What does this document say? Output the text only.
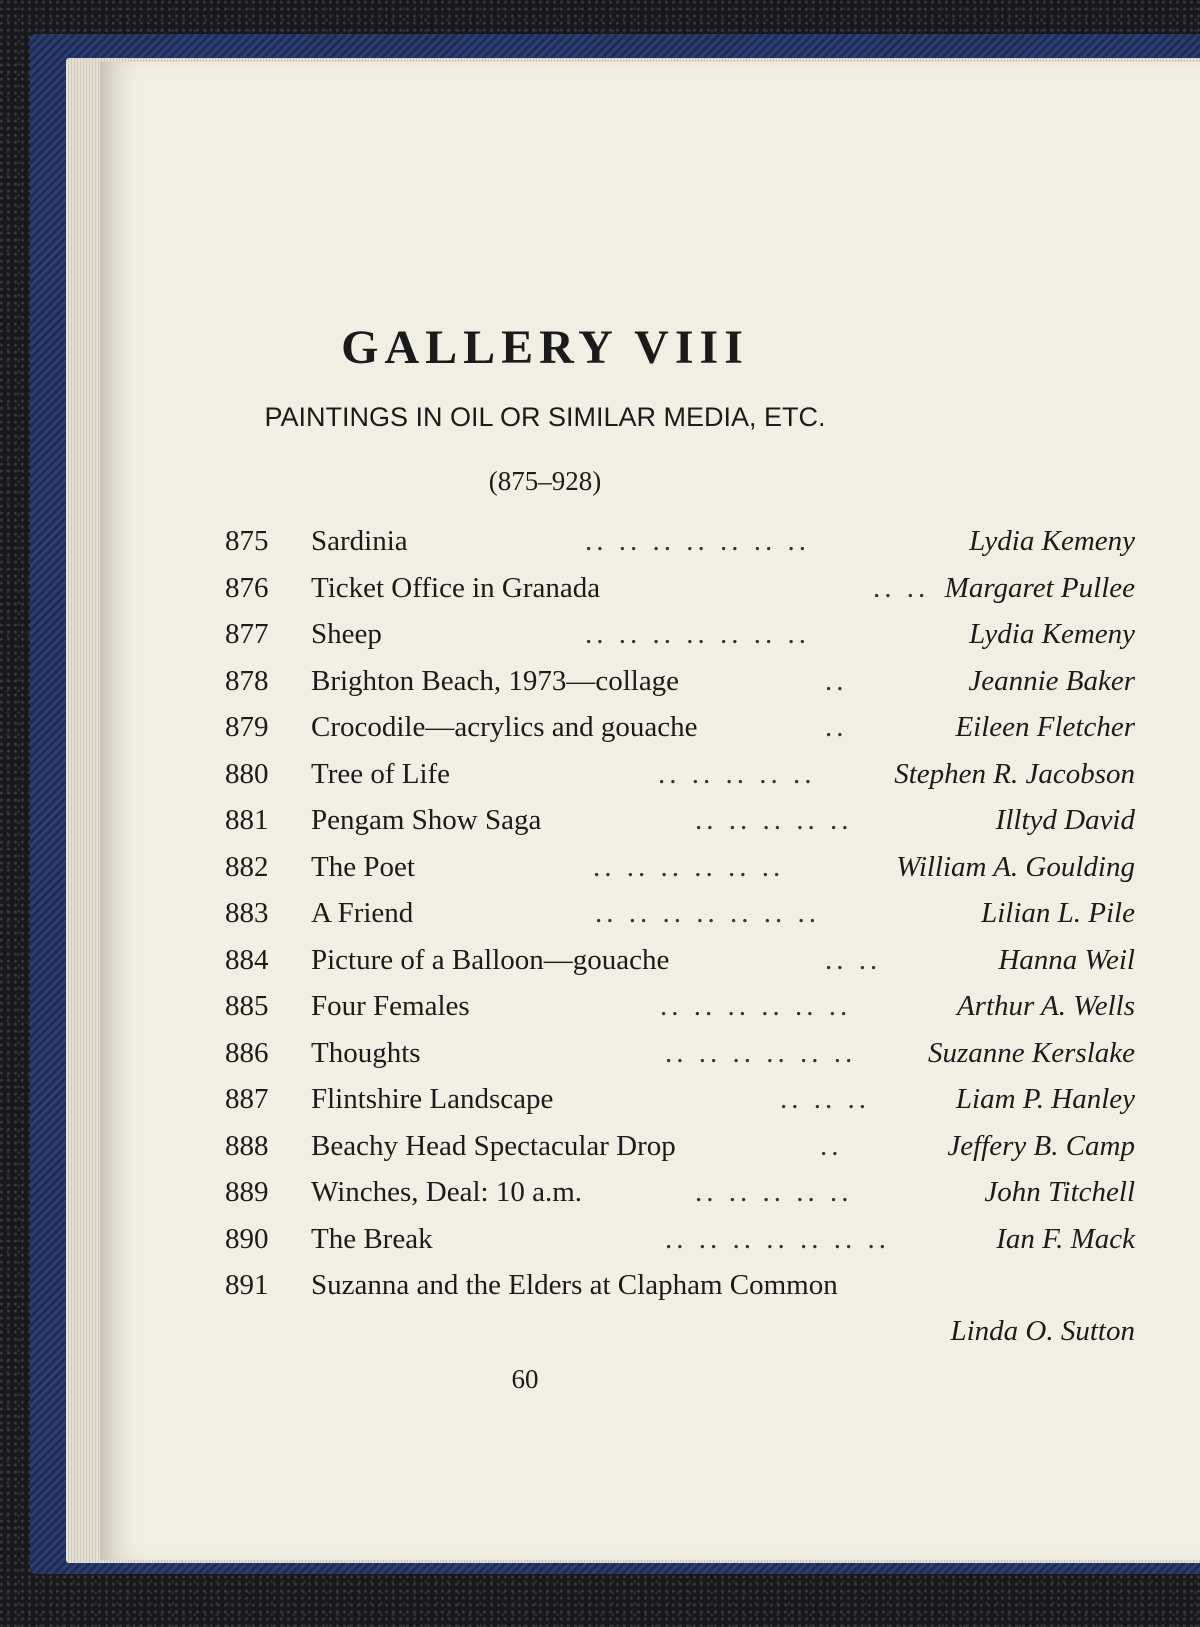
GALLERY VIII
PAINTINGS IN OIL OR SIMILAR MEDIA, ETC.
(875–928)
875	Sardinia	.. .. .. .. .. .. ..	Lydia Kemeny
876	Ticket Office in Granada	.. .. Margaret Pullee
877	Sheep	.. .. .. .. .. .. ..	Lydia Kemeny
878	Brighton Beach, 1973 —collage	..	Jeannie Baker
879	Crocodile —acrylics and gouache	..	Eileen Fletcher
880	Tree of Life	.. .. .. .. ..	Stephen R. Jacobson
881	Pengam Show Saga	.. .. .. .. ..	Illtyd David
882	The Poet	.. .. .. .. .. ..	William A. Goulding
883	A Friend	.. .. .. .. .. .. ..	Lilian L. Pile
884	Picture of a Balloon —gouache	.. ..	Hanna Weil
885	Four Females	.. .. .. .. .. ..	Arthur A. Wells
886	Thoughts	.. .. .. .. .. .. Suzanne Kerslake
887	Flintshire Landscape	.. .. ..	Liam P. Hanley
888	Beachy Head Spectacular Drop	..	Jeffery B. Camp
889	Winches, Deal: 10 a.m.	.. .. .. .. ..	John Titchell
890	The Break	.. .. .. .. .. .. ..	Ian F. Mack
891	Suzanna and the Elders at Clapham Common
Linda O. Sutton
60
